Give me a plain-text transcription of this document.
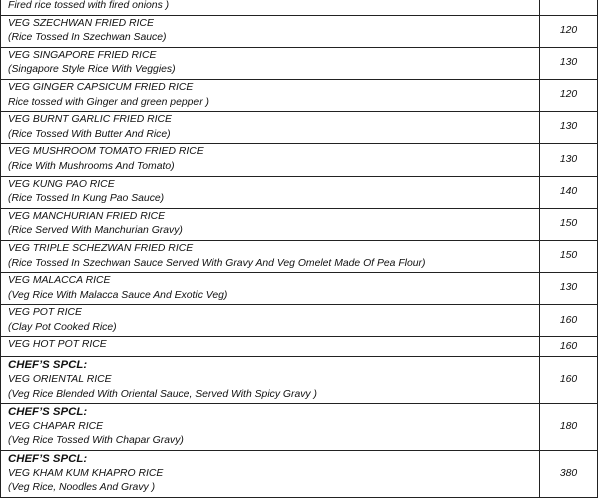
Fired rice tossed with fired onions )	

VEG SZECHWAN FRIED RICE
(Rice Tossed In Szechwan Sauce)	120

VEG SINGAPORE FRIED RICE
(Singapore Style Rice With Veggies)	130

VEG GINGER CAPSICUM FRIED RICE
Rice tossed with Ginger and green pepper )	120

VEG BURNT GARLIC FRIED RICE
(Rice Tossed With Butter And Rice)	130

VEG MUSHROOM TOMATO FRIED RICE
(Rice With Mushrooms And Tomato)	130

VEG KUNG PAO RICE
(Rice Tossed In Kung Pao Sauce)	140

VEG MANCHURIAN FRIED RICE
(Rice Served With Manchurian Gravy)	150

VEG TRIPLE SCHEZWAN FRIED RICE
(Rice Tossed In Szechwan Sauce Served With Gravy And Veg Omelet Made Of Pea Flour)	150

VEG MALACCA RICE
(Veg Rice With Malacca Sauce And Exotic Veg)	130

VEG POT RICE
(Clay Pot Cooked Rice)	160

VEG HOT POT RICE	160

CHEF’S SPCL:
VEG ORIENTAL RICE
(Veg Rice Blended With Oriental Sauce, Served With Spicy Gravy )	160

CHEF’S SPCL:
VEG CHAPAR RICE
(Veg Rice Tossed With Chapar Gravy)	180

CHEF’S SPCL:
VEG KHAM KUM KHAPRO RICE
(Veg Rice, Noodles And Gravy )	380
